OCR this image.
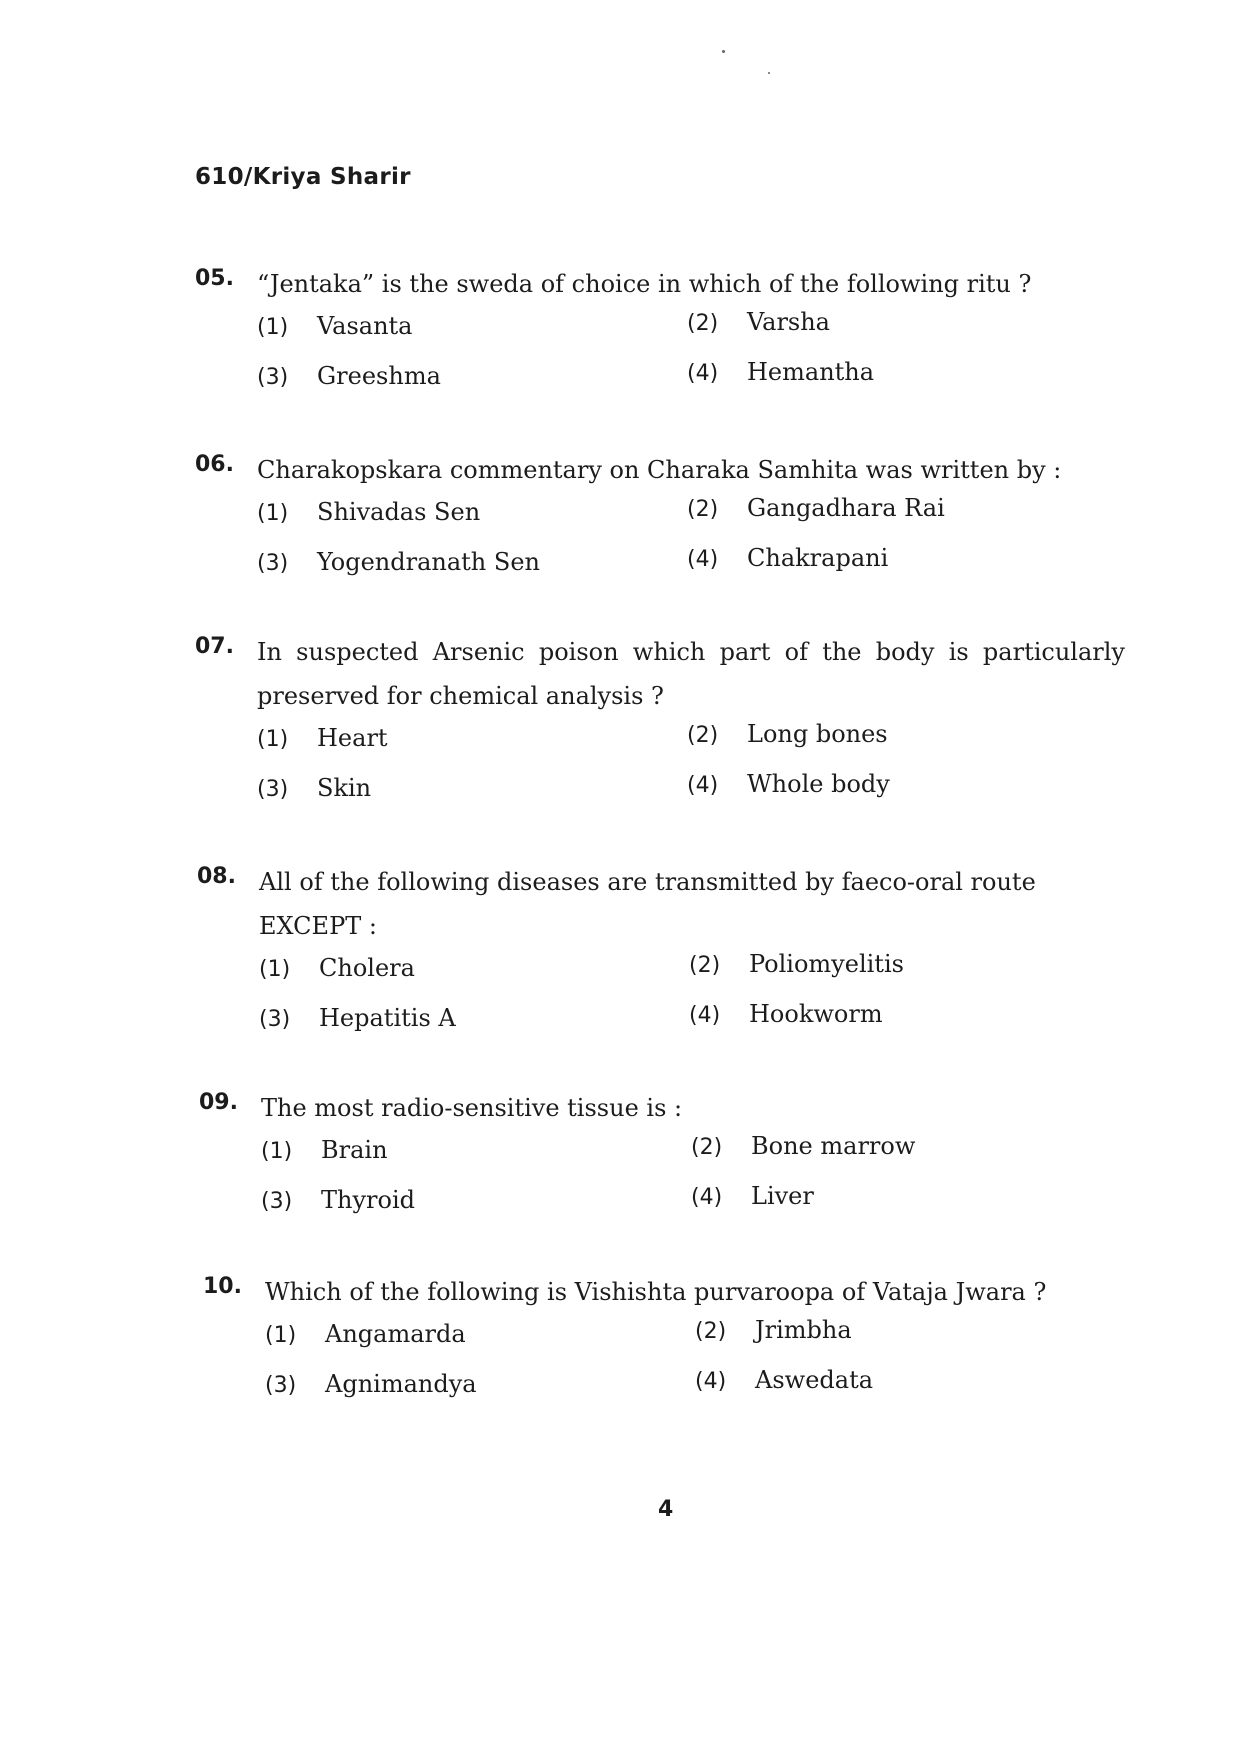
610/Kriya Sharir
05. “Jentaka” is the sweda of choice in which of the following ritu ?
(1) Vasanta	(2) Varsha
(3) Greeshma	(4) Hemantha
06. Charakopskara commentary on Charaka Samhita was written by :
(1) Shivadas Sen	(2) Gangadhara Rai
(3) Yogendranath Sen	(4) Chakrapani
07. In suspected Arsenic poison which part of the body is particularly preserved for chemical analysis ?
(1) Heart	(2) Long bones
(3) Skin	(4) Whole body
08. All of the following diseases are transmitted by faeco-oral route EXCEPT :
(1) Cholera	(2) Poliomyelitis
(3) Hepatitis A	(4) Hookworm
09. The most radio-sensitive tissue is :
(1) Brain	(2) Bone marrow
(3) Thyroid	(4) Liver
10. Which of the following is Vishishta purvaroopa of Vataja Jwara ?
(1) Angamarda	(2) Jrimbha
(3) Agnimandya	(4) Aswedata
4
